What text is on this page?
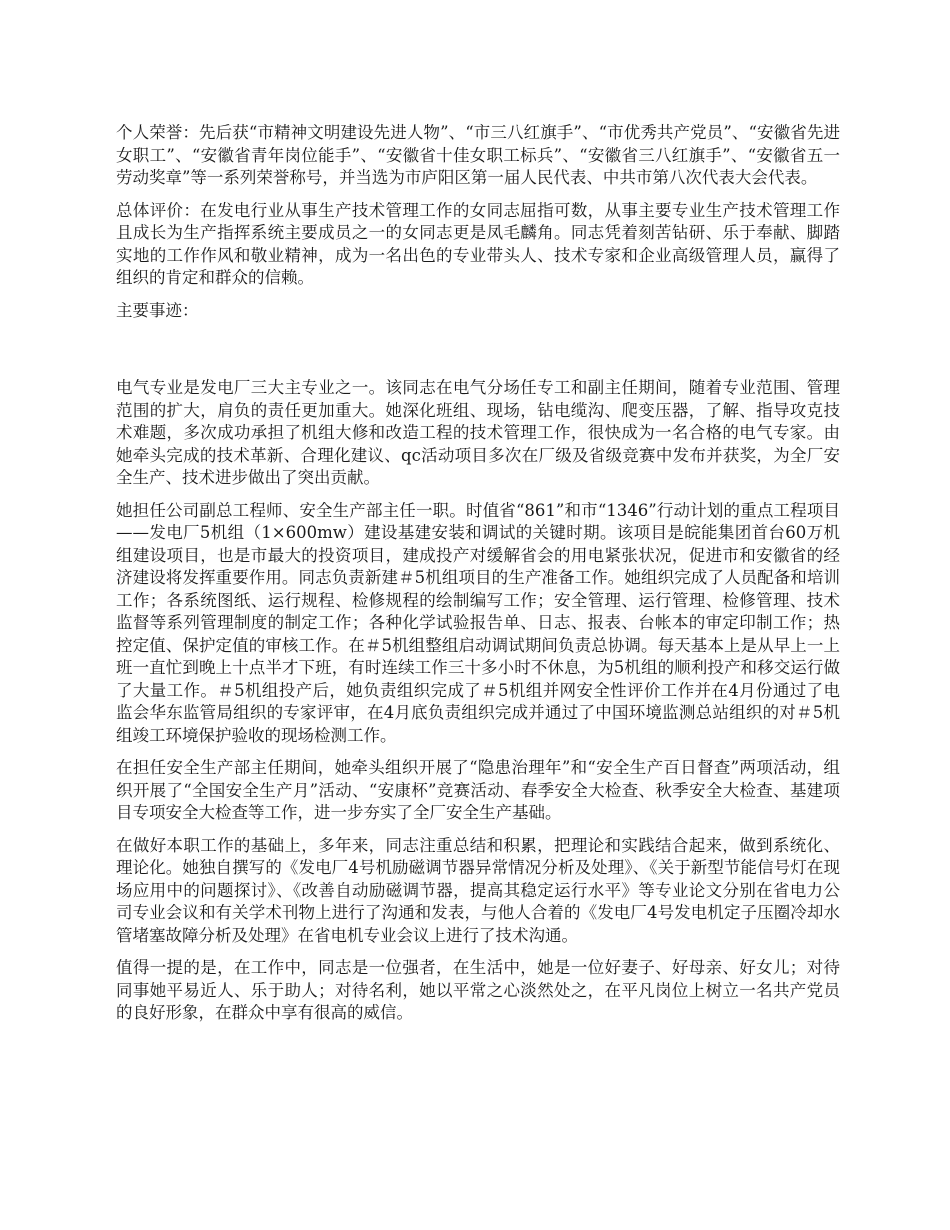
个人荣誉：先后获“市精神文明建设先进人物”、“市三八红旗手”、“市优秀共产党员”、“安徽省先进女职工”、“安徽省青年岗位能手”、“安徽省十佳女职工标兵”、“安徽省三八红旗手”、“安徽省五一劳动奖章”等一系列荣誉称号，并当选为市庐阳区第一届人民代表、中共市第八次代表大会代表。

总体评价：在发电行业从事生产技术管理工作的女同志屈指可数，从事主要专业生产技术管理工作且成长为生产指挥系统主要成员之一的女同志更是凤毛麟角。同志凭着刻苦钻研、乐于奉献、脚踏实地的工作作风和敬业精神，成为一名出色的专业带头人、技术专家和企业高级管理人员，赢得了组织的肯定和群众的信赖。

主要事迹：

电气专业是发电厂三大主专业之一。该同志在电气分场任专工和副主任期间，随着专业范围、管理范围的扩大，肩负的责任更加重大。她深化班组、现场，钻电缆沟、爬变压器，了解、指导攻克技术难题，多次成功承担了机组大修和改造工程的技术管理工作，很快成为一名合格的电气专家。由她牵头完成的技术革新、合理化建议、qc活动项目多次在厂级及省级竞赛中发布并获奖，为全厂安全生产、技术进步做出了突出贡献。

她担任公司副总工程师、安全生产部主任一职。时值省“861”和市“1346”行动计划的重点工程项目——发电厂5机组（1×600mw）建设基建安装和调试的关键时期。该项目是皖能集团首台60万机组建设项目，也是市最大的投资项目，建成投产对缓解省会的用电紧张状况，促进市和安徽省的经济建设将发挥重要作用。同志负责新建＃5机组项目的生产准备工作。她组织完成了人员配备和培训工作；各系统图纸、运行规程、检修规程的绘制编写工作；安全管理、运行管理、检修管理、技术监督等系列管理制度的制定工作；各种化学试验报告单、日志、报表、台帐本的审定印制工作；热控定值、保护定值的审核工作。在＃5机组整组启动调试期间负责总协调。每天基本上是从早上一上班一直忙到晚上十点半才下班，有时连续工作三十多小时不休息，为5机组的顺利投产和移交运行做了大量工作。＃5机组投产后，她负责组织完成了＃5机组并网安全性评价工作并在4月份通过了电监会华东监管局组织的专家评审，在4月底负责组织完成并通过了中国环境监测总站组织的对＃5机组竣工环境保护验收的现场检测工作。

在担任安全生产部主任期间，她牵头组织开展了“隐患治理年”和“安全生产百日督查”两项活动，组织开展了“全国安全生产月”活动、“安康杯”竞赛活动、春季安全大检查、秋季安全大检查、基建项目专项安全大检查等工作，进一步夯实了全厂安全生产基础。

在做好本职工作的基础上，多年来，同志注重总结和积累，把理论和实践结合起来，做到系统化、理论化。她独自撰写的《发电厂4号机励磁调节器异常情况分析及处理》、《关于新型节能信号灯在现场应用中的问题探讨》、《改善自动励磁调节器，提高其稳定运行水平》等专业论文分别在省电力公司专业会议和有关学术刊物上进行了沟通和发表，与他人合着的《发电厂4号发电机定子压圈冷却水管堵塞故障分析及处理》在省电机专业会议上进行了技术沟通。

值得一提的是，在工作中，同志是一位强者，在生活中，她是一位好妻子、好母亲、好女儿；对待同事她平易近人、乐于助人；对待名利，她以平常之心淡然处之，在平凡岗位上树立一名共产党员的良好形象，在群众中享有很高的威信。
